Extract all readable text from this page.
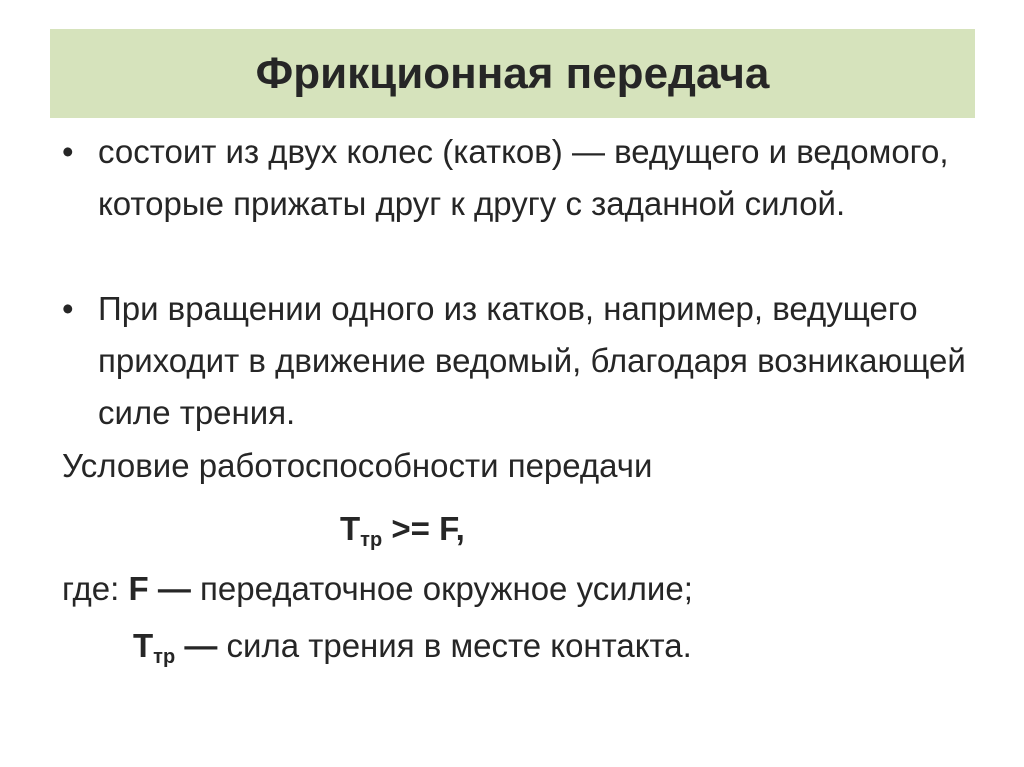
Фрикционная передача
• состоит из двух колес (катков) — ведущего и ведомого, которые прижаты друг к другу с заданной силой.
• При вращении одного из катков, например, ведущего приходит в движение ведомый, благодаря возникающей силе трения.
Условие работоспособности передачи
$T_{тр} >= F$,
где: F — передаточное окружное усилие;
$T_{тр}$ — сила трения в месте контакта.
